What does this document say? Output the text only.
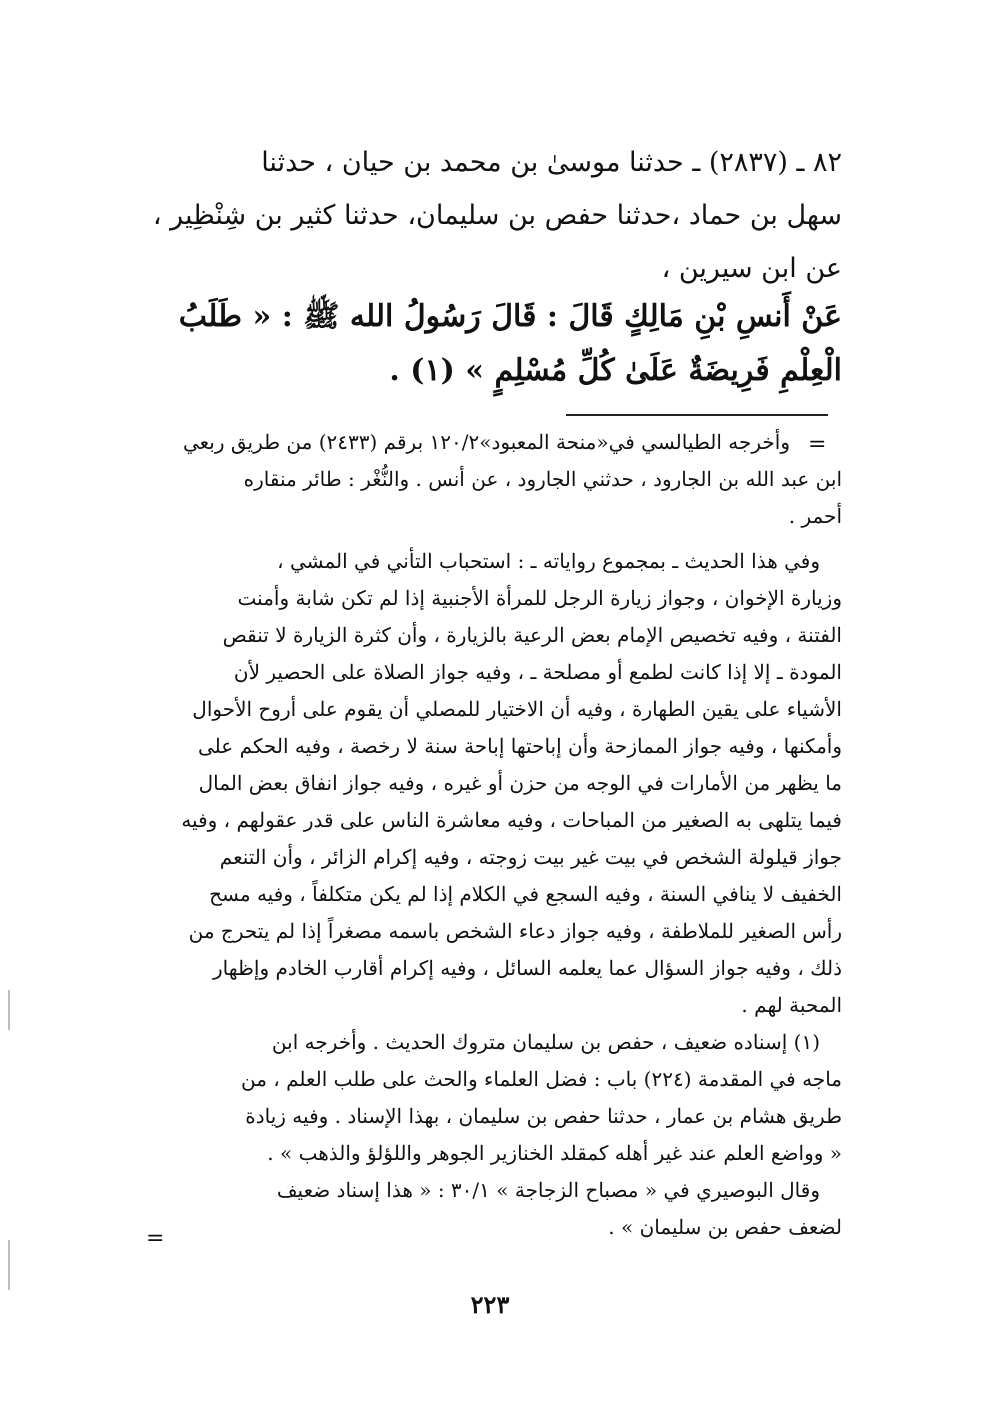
٨٢ ـ (٢٨٣٧) ـ حدثنا موسىٰ بن محمد بن حيان ، حدثنا
سهل بن حماد ،حدثنا حفص بن سليمان، حدثنا كثير بن شِنْظِير ،
عن ابن سيرين ،
عَنْ أَنسِ بْنِ مَالِكٍ قَالَ : قَالَ رَسُولُ الله ﷺ : « طَلَبُ
الْعِلْمِ فَرِيضَةٌ عَلَىٰ كُلِّ مُسْلِمٍ » (١) .
=
وأخرجه الطيالسي في«منحة المعبود»١٢٠/٢ برقم (٢٤٣٣) من طريق ربعي
ابن عبد الله بن الجارود ، حدثني الجارود ، عن أنس . والنُّغْر : طائر منقاره
أحمر .
وفي هذا الحديث ـ بمجموع رواياته ـ : استحباب التأني في المشي ،
وزيارة الإخوان ، وجواز زيارة الرجل للمرأة الأجنبية إذا لم تكن شابة وأمنت
الفتنة ، وفيه تخصيص الإمام بعض الرعية بالزيارة ، وأن كثرة الزيارة لا تنقص
المودة ـ إلا إذا كانت لطمع أو مصلحة ـ ، وفيه جواز الصلاة على الحصير لأن
الأشياء على يقين الطهارة ، وفيه أن الاختيار للمصلي أن يقوم على أروح الأحوال
وأمكنها ، وفيه جواز الممازحة وأن إباحتها إباحة سنة لا رخصة ، وفيه الحكم على
ما يظهر من الأمارات في الوجه من حزن أو غيره ، وفيه جواز انفاق بعض المال
فيما يتلهى به الصغير من المباحات ، وفيه معاشرة الناس على قدر عقولهم ، وفيه
جواز قيلولة الشخص في بيت غير بيت زوجته ، وفيه إكرام الزائر ، وأن التنعم
الخفيف لا ينافي السنة ، وفيه السجع في الكلام إذا لم يكن متكلفاً ، وفيه مسح
رأس الصغير للملاطفة ، وفيه جواز دعاء الشخص باسمه مصغراً إذا لم يتحرج من
ذلك ، وفيه جواز السؤال عما يعلمه السائل ، وفيه إكرام أقارب الخادم وإظهار
المحبة لهم .
(١) إسناده ضعيف ، حفص بن سليمان متروك الحديث . وأخرجه ابن
ماجه في المقدمة (٢٢٤) باب : فضل العلماء والحث على طلب العلم ، من
طريق هشام بن عمار ، حدثنا حفص بن سليمان ، بهذا الإسناد . وفيه زيادة
« وواضع العلم عند غير أهله كمقلد الخنازير الجوهر واللؤلؤ والذهب » .
وقال البوصيري في « مصباح الزجاجة » ٣٠/١ : « هذا إسناد ضعيف
لضعف حفص بن سليمان » .
=
٢٢٣
